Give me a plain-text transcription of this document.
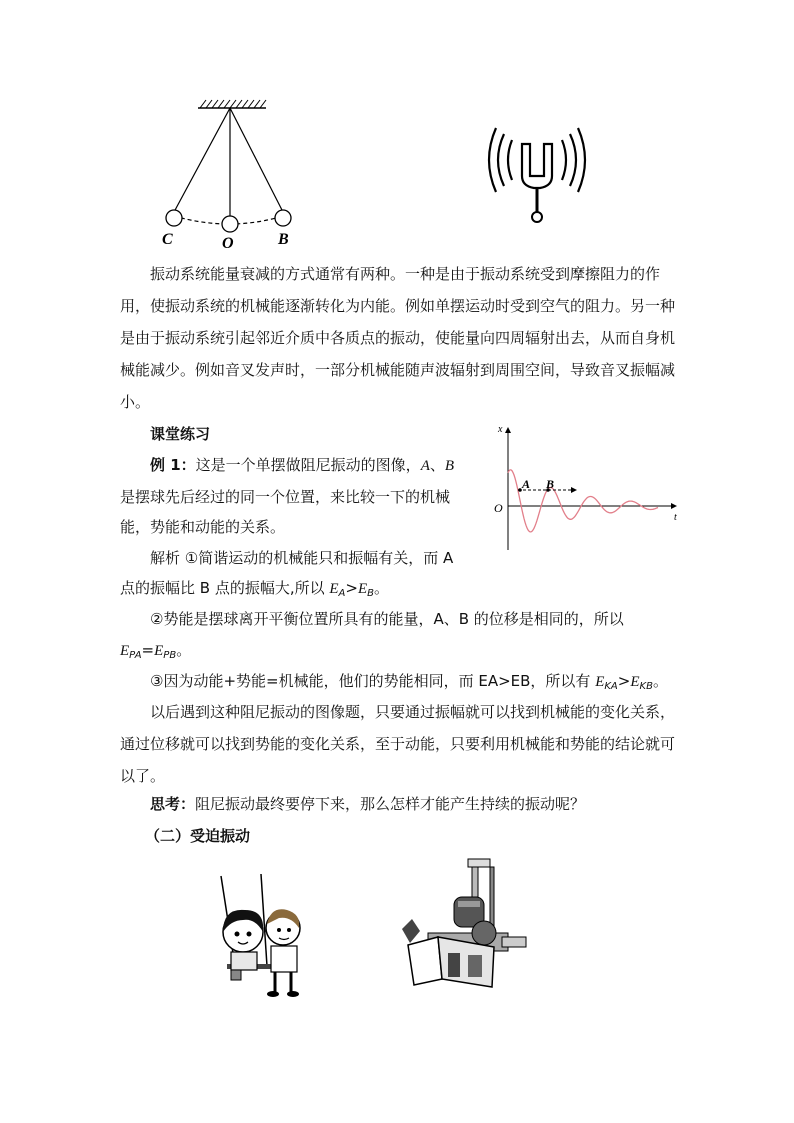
C	O	B
振动系统能量衰减的方式通常有两种。一种是由于振动系统受到摩擦阻力的作用，使振动系统的机械能逐渐转化为内能。例如单摆运动时受到空气的阻力。另一种是由于振动系统引起邻近介质中各质点的振动，使能量向四周辐射出去，从而自身机械能减少。例如音叉发声时，一部分机械能随声波辐射到周围空间，导致音叉振幅减小。
课堂练习
例 1：这是一个单摆做阻尼振动的图像，A、B
是摆球先后经过的同一个位置，来比较一下的机械
能，势能和动能的关系。
x
t
O
A B
解析 ①简谐运动的机械能只和振幅有关，而 A
点的振幅比 B 点的振幅大,所以 $E_A>E_B$。
②势能是摆球离开平衡位置所具有的能量，A、B 的位移是相同的，所以
$E_{PA}=E_{PB}$。
③因为动能+势能=机械能，他们的势能相同，而 EA>EB，所以有 $E_{KA}>E_{KB}$。
以后遇到这种阻尼振动的图像题，只要通过振幅就可以找到机械能的变化关系，通过位移就可以找到势能的变化关系，至于动能，只要利用机械能和势能的结论就可以了。
思考：阻尼振动最终要停下来，那么怎样才能产生持续的振动呢？
（二）受迫振动
